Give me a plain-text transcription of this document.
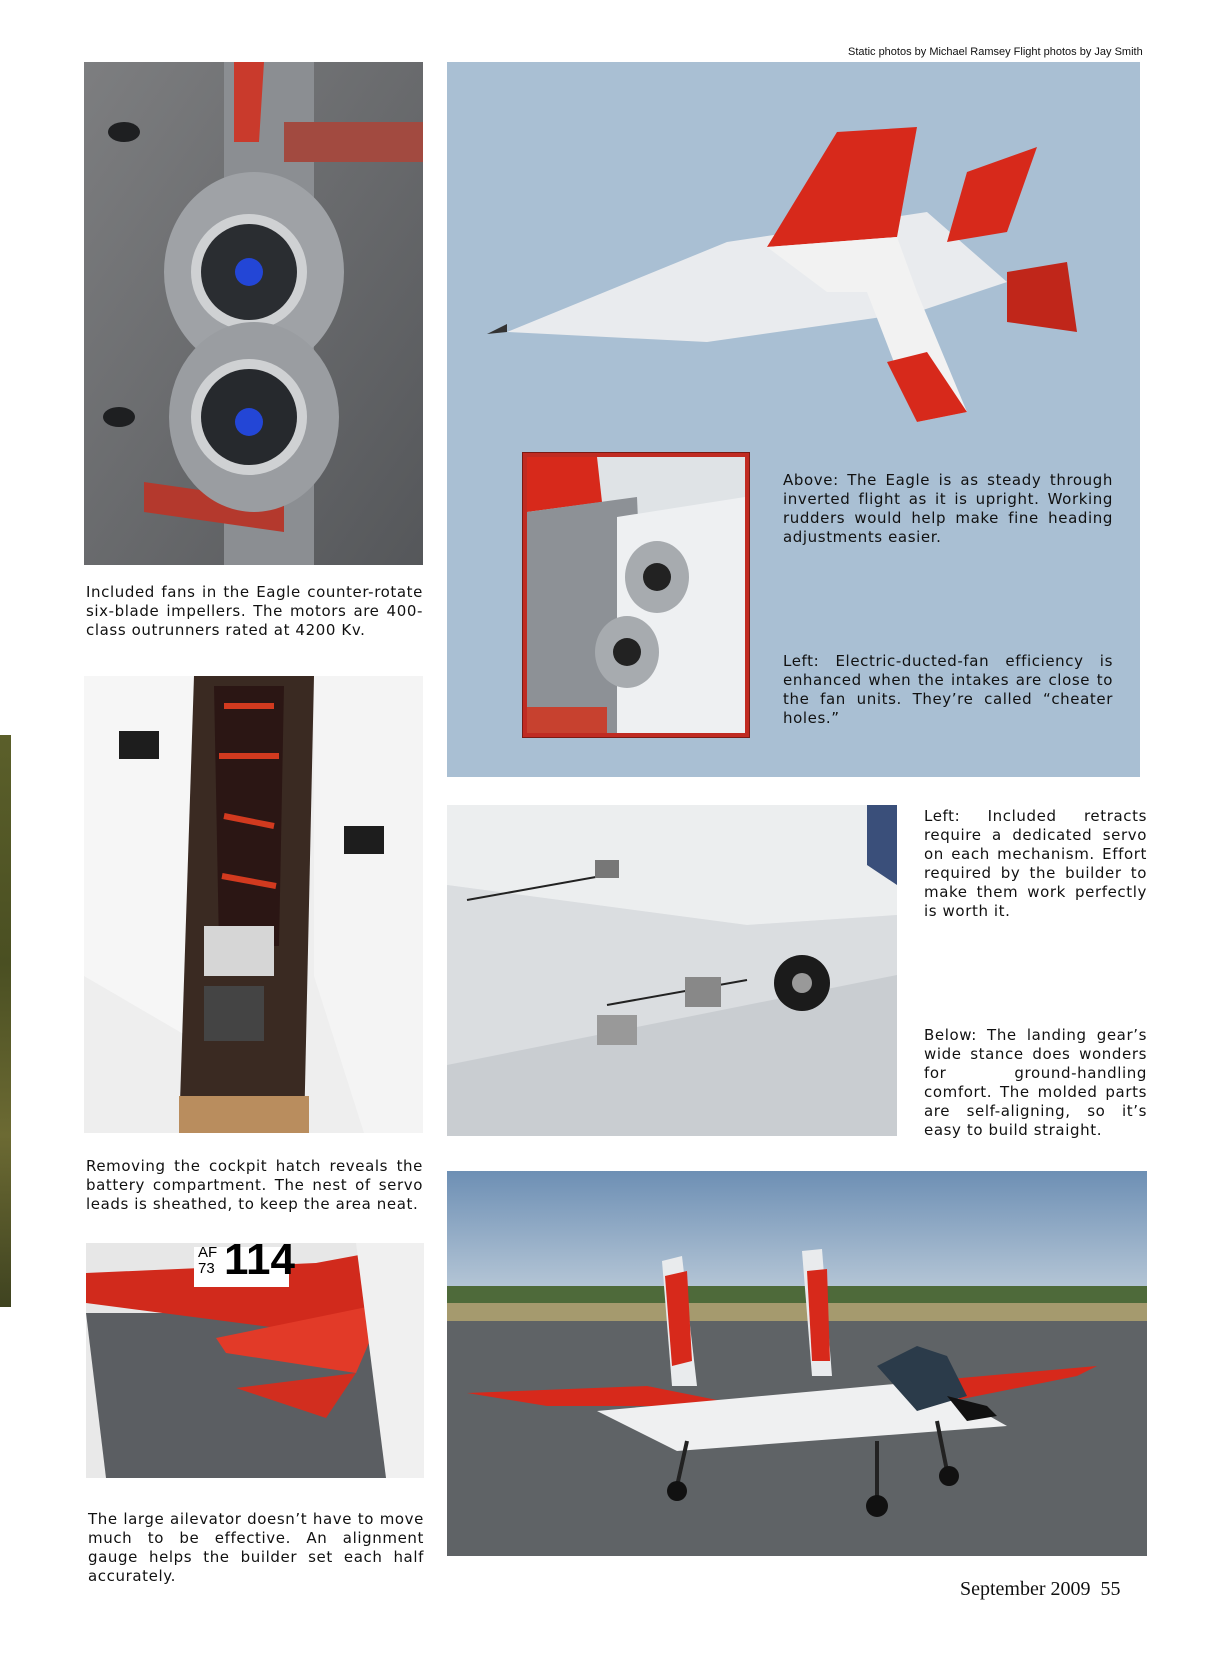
Static photos by Michael Ramsey Flight photos by Jay Smith
Included fans in the Eagle counter-rotate six-blade impellers. The motors are 400-class outrunners rated at 4200 Kv.
Above: The Eagle is as steady through inverted flight as it is upright. Working rudders would help make fine heading adjustments easier.
Left: Electric-ducted-fan efficiency is enhanced when the intakes are close to the fan units. They’re called “cheater holes.”
Left: Included retracts require a dedicated servo on each mechanism. Effort required by the builder to make them work perfectly is worth it.
Below: The landing gear’s wide stance does wonders for ground-handling comfort. The molded parts are self-aligning, so it’s easy to build straight.
Removing the cockpit hatch reveals the battery compartment. The nest of servo leads is sheathed, to keep the area neat.
AF
73 114
The large ailevator doesn’t have to move much to be effective. An alignment gauge helps the builder set each half accurately.
September 2009 55
